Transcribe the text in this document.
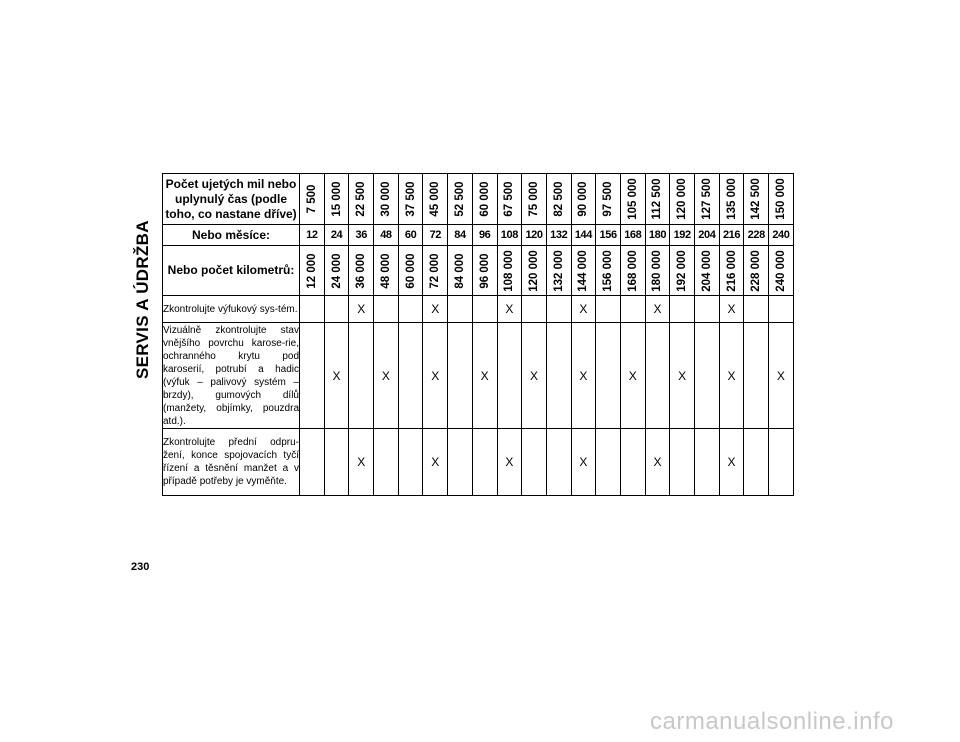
SERVIS A ÚDRŽBA
Počet ujetých mil nebo uplynulý čas (podle toho, co nastane dříve)	7 500	15 000	22 500	30 000	37 500	45 000	52 500	60 000	67 500	75 000	82 500	90 000	97 500	105 000	112 500	120 000	127 500	135 000	142 500	150 000

Nebo měsíce:	12	24	36	48	60	72	84	96	108	120	132	144	156	168	180	192	204	216	228	240
Nebo počet kilometrů:	12 000	24 000	36 000	48 000	60 000	72 000	84 000	96 000	108 000	120 000	132 000	144 000	156 000	168 000	180 000	192 000	204 000	216 000	228 000	240 000

Zkontrolujte výfukový sys-tém.			X			X			X			X			X			X		
Vizuálně zkontrolujte stav vnějšího povrchu karose-rie, ochranného krytu pod karoserií, potrubí a hadic (výfuk – palivový systém – brzdy), gumových dílů (manžety, objímky, pouzdra atd.).		X		X		X		X		X		X		X		X		X		X
Zkontrolujte přední odpru-žení, konce spojovacích tyčí řízení a těsnění manžet a v případě potřeby je vyměňte.			X			X			X			X			X			X		
230
carmanualsonline.info
